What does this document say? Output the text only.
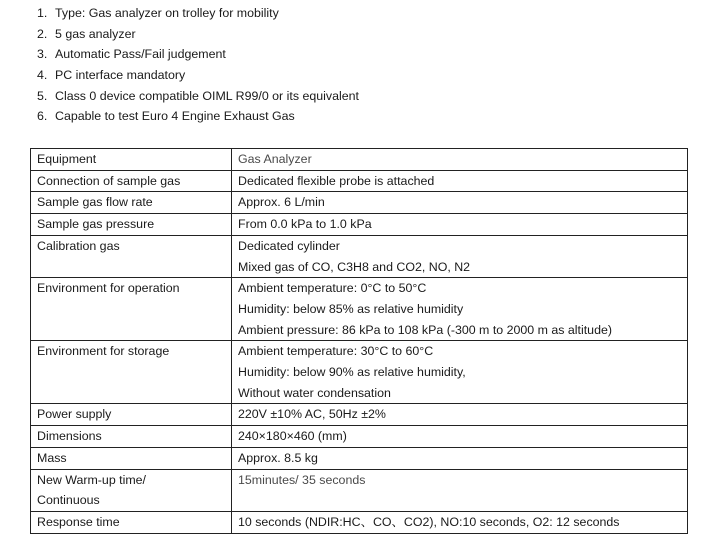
1. Type: Gas analyzer on trolley for mobility
2. 5 gas analyzer
3. Automatic Pass/Fail judgement
4. PC interface mandatory
5. Class 0 device compatible OIML R99/0 or its equivalent
6. Capable to test Euro 4 Engine Exhaust Gas
Equipment	Gas Analyzer

Connection of sample gas	Dedicated flexible probe is attached

Sample gas flow rate	Approx. 6 L/min

Sample gas pressure	From 0.0 kPa to 1.0 kPa

Calibration gas	Dedicated cylinder
Mixed gas of CO, C3H8 and CO2, NO, N2

Environment for operation	Ambient temperature: 0°C to 50°C
Humidity: below 85% as relative humidity
Ambient pressure: 86 kPa to 108 kPa (-300 m to 2000 m as altitude)

Environment for storage	Ambient temperature: 30°C to 60°C
Humidity: below 90% as relative humidity,
Without water condensation

Power supply	220V ±10% AC, 50Hz ±2%

Dimensions	240×180×460 (mm)

Mass	Approx. 8.5 kg

New Warm-up time/
Continuous	15minutes/ 35 seconds

Response time	10 seconds (NDIR:HC、CO、CO2), NO:10 seconds, O2: 12 seconds
